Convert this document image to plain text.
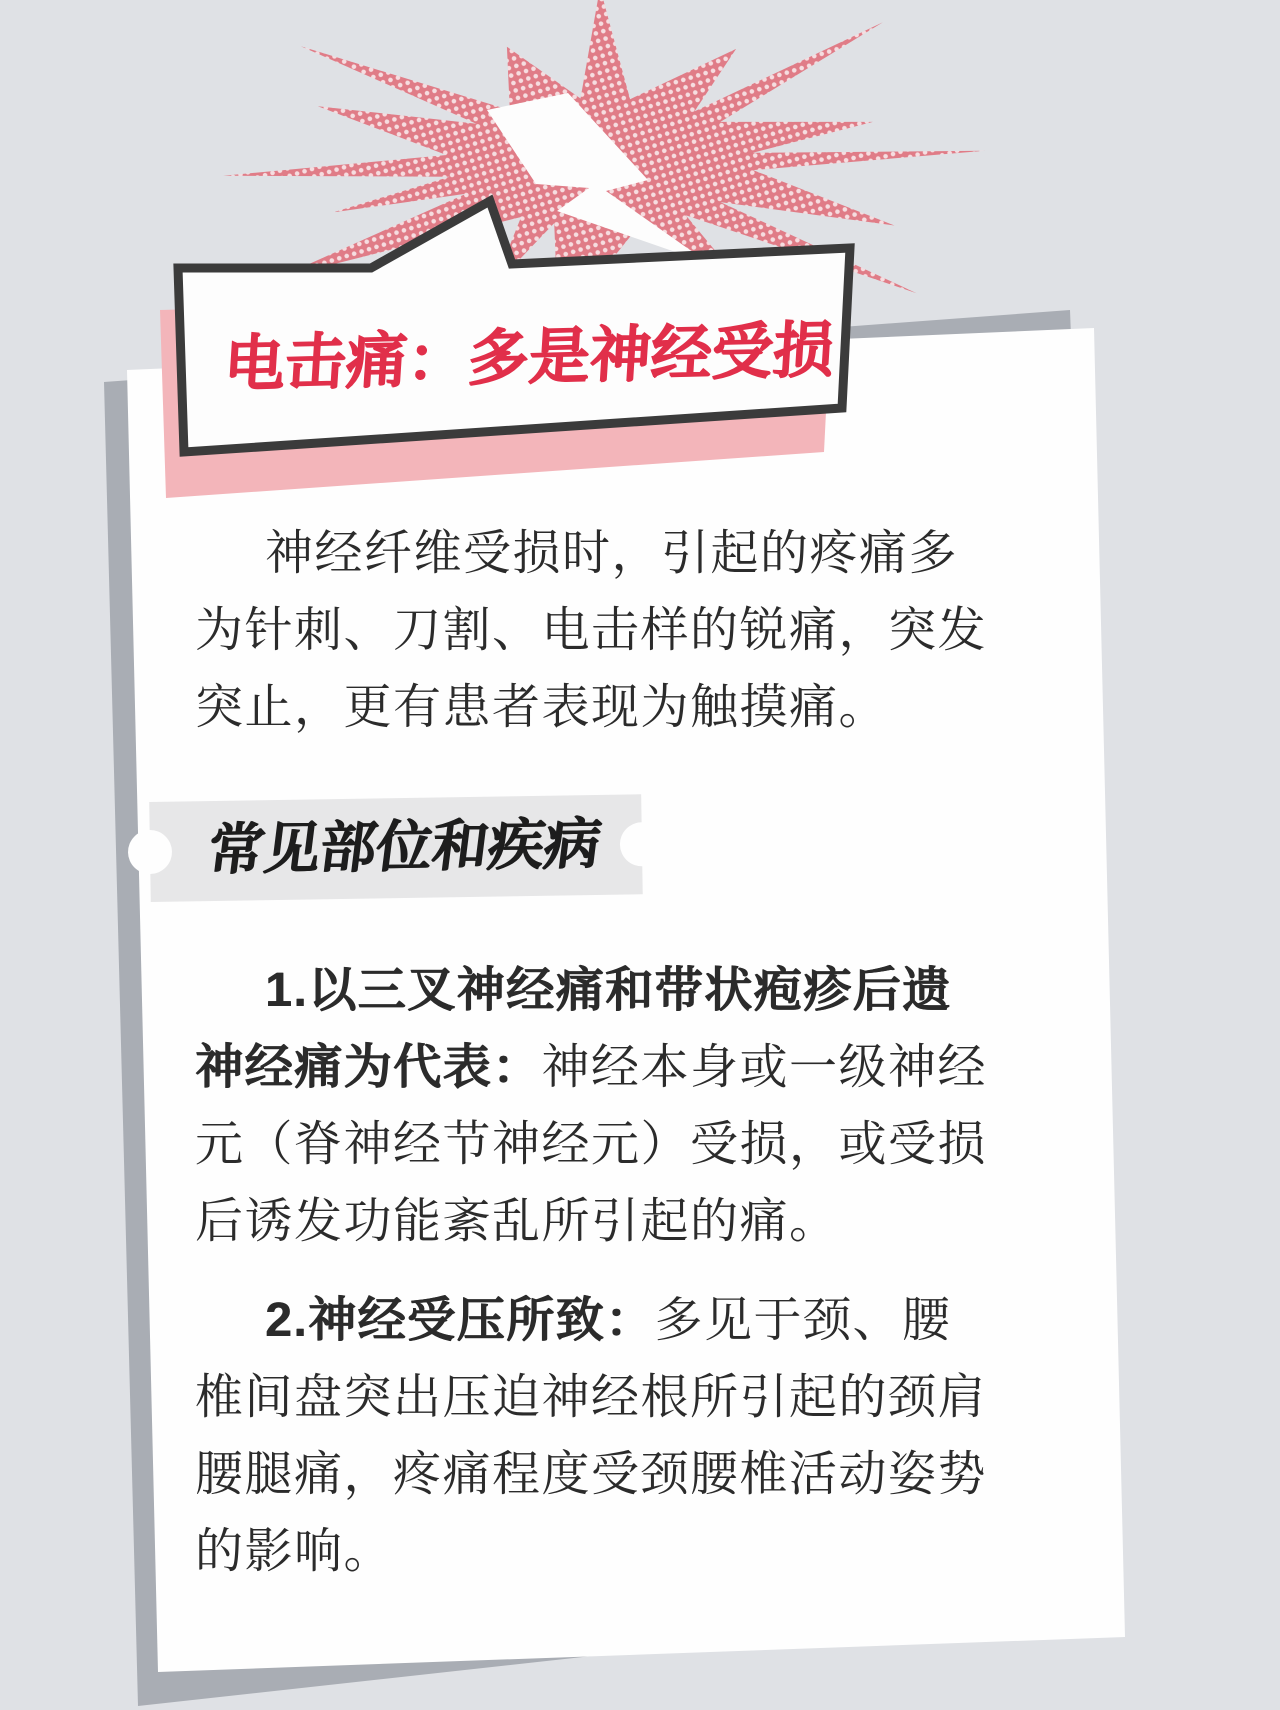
电击痛：多是神经受损
神经纤维受损时，引起的疼痛多
为针刺、刀割、电击样的锐痛，突发
突止，更有患者表现为触摸痛。
常见部位和疾病
1.以三叉神经痛和带状疱疹后遗
神经痛为代表：神经本身或一级神经
元（脊神经节神经元）受损，或受损
后诱发功能紊乱所引起的痛。
2.神经受压所致：多见于颈、腰
椎间盘突出压迫神经根所引起的颈肩
腰腿痛，疼痛程度受颈腰椎活动姿势
的影响。
